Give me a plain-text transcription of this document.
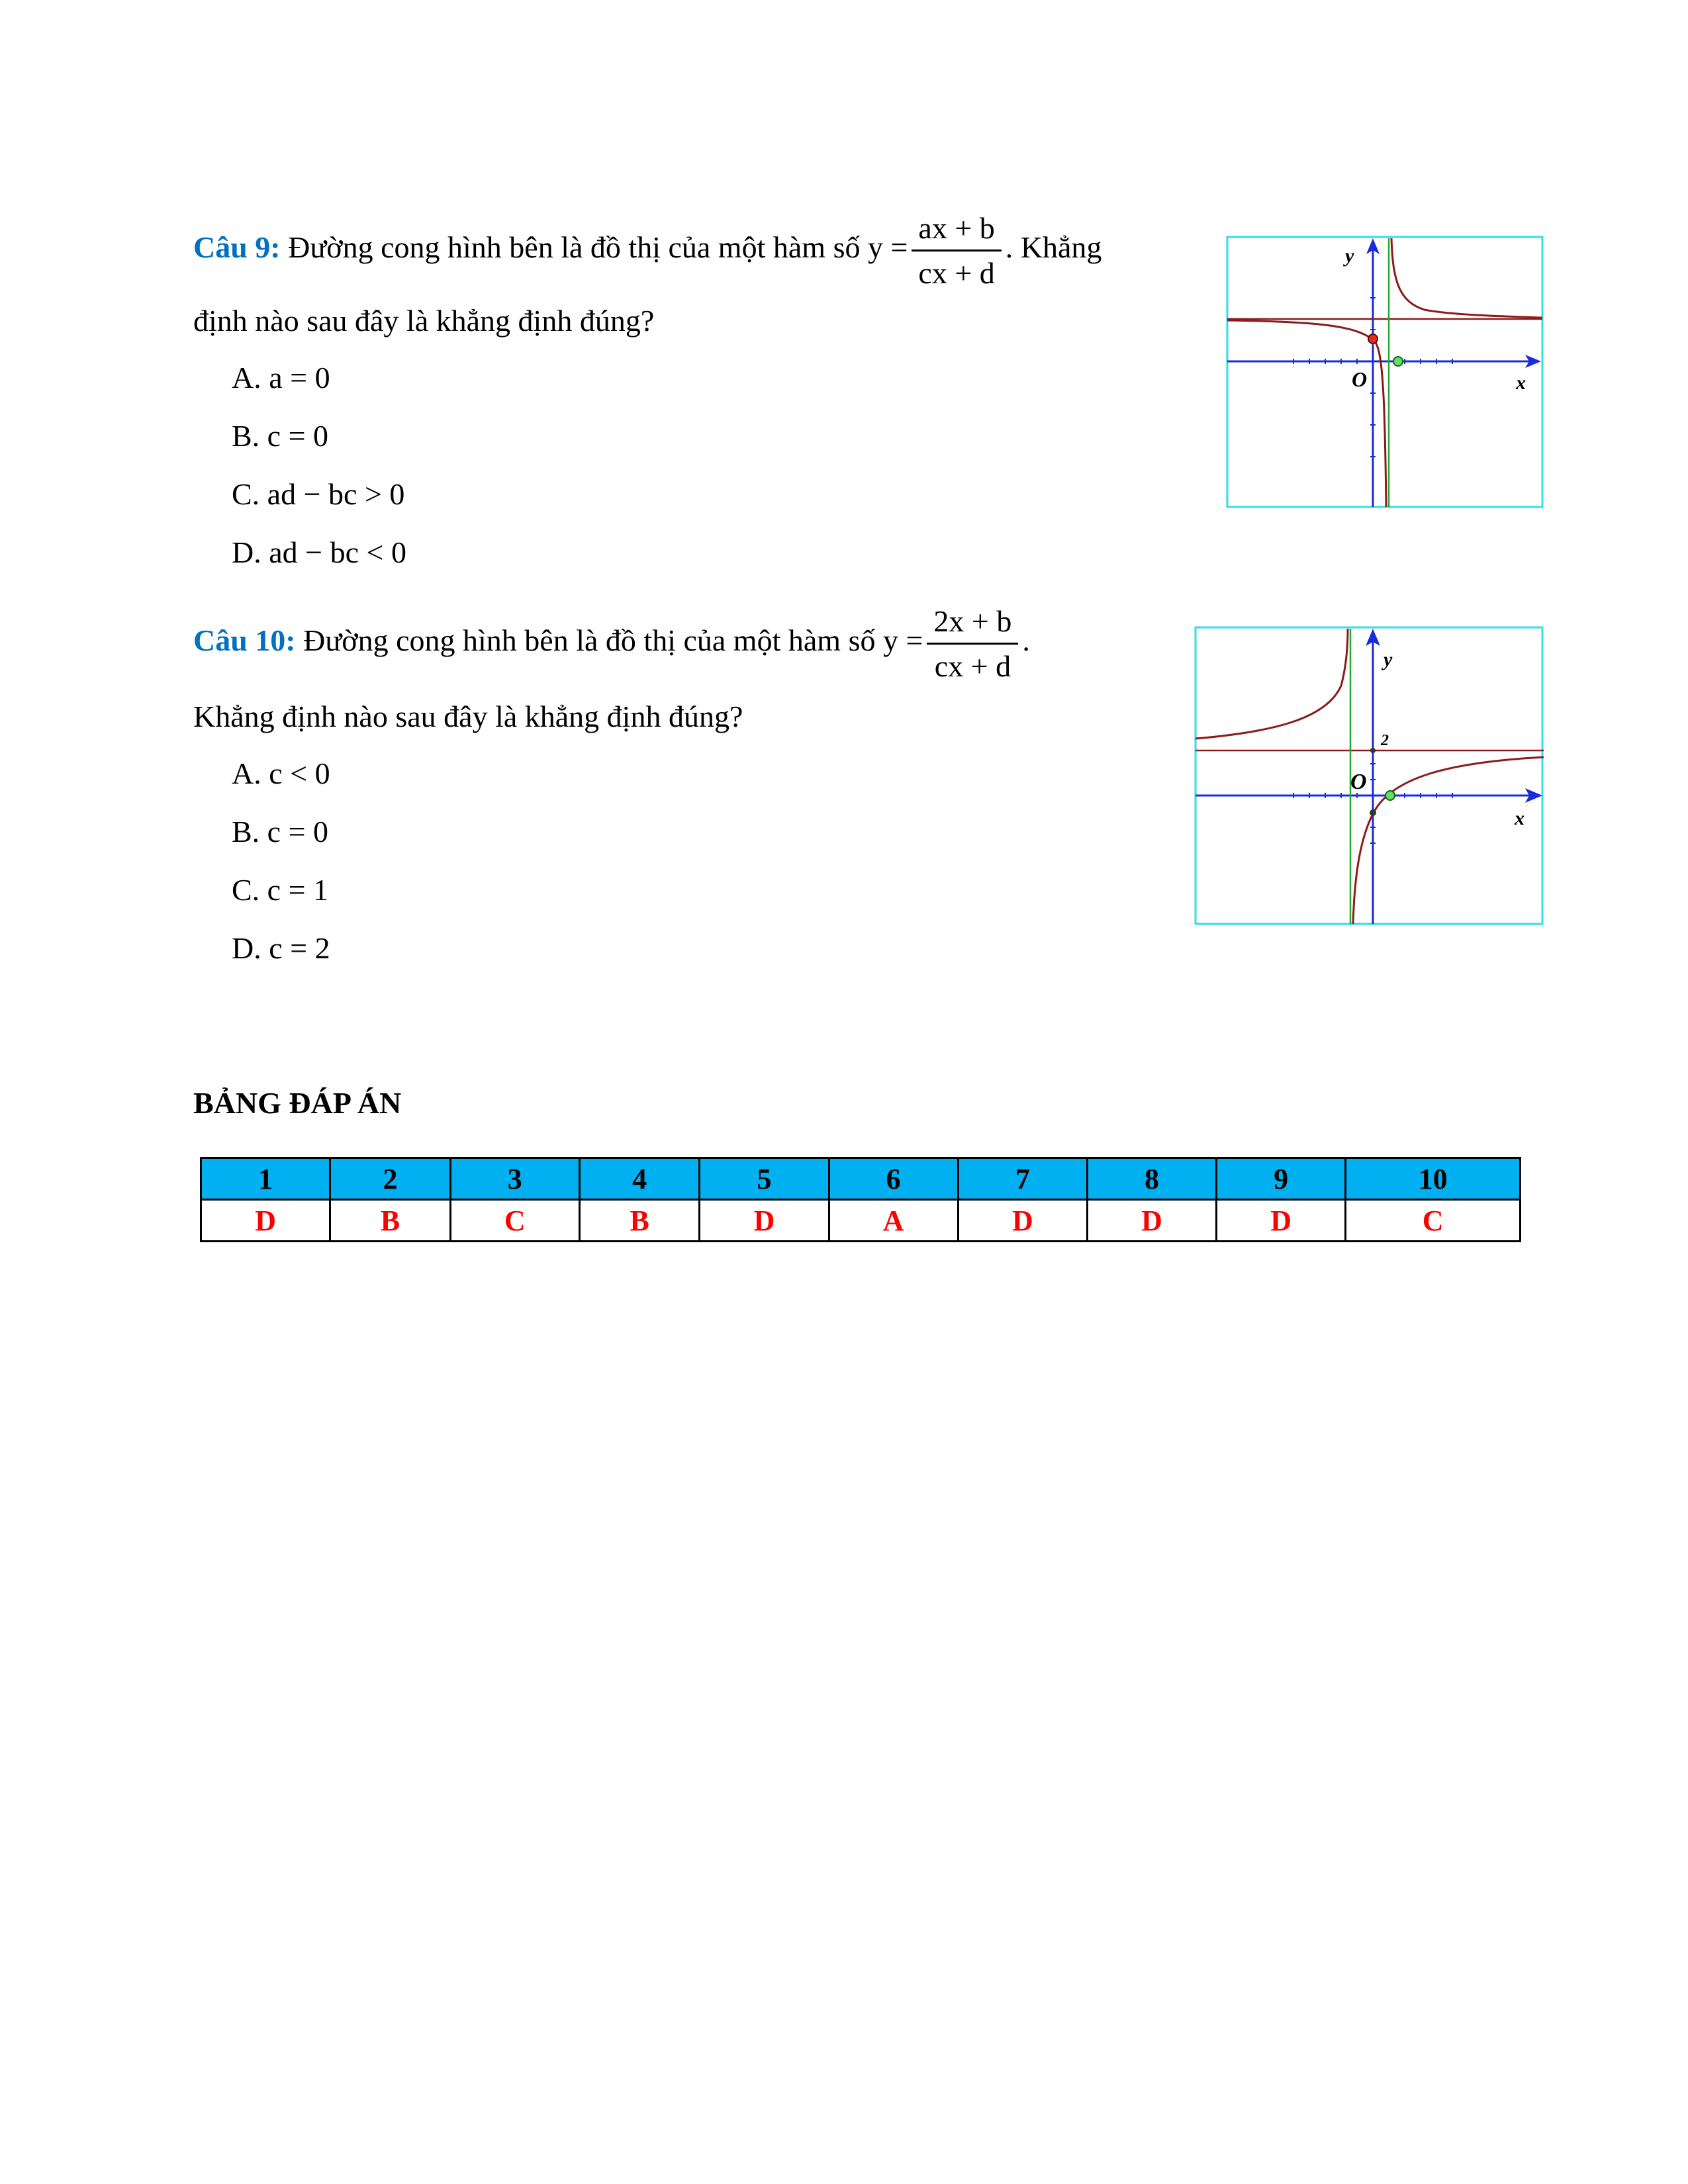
Câu 9: Đường cong hình bên là đồ thị của một hàm số $y = \frac{ax + b}{cx + d}$ . Khẳng
định nào sau đây là khẳng định đúng?
A. a = 0
B. c = 0
C. ad − bc > 0
D. ad − bc < 0
y
x
O
Câu 10: Đường cong hình bên là đồ thị của một hàm số $y = \frac{2x + b}{cx + d}$ .
Khẳng định nào sau đây là khẳng định đúng?
A. c < 0
B. c = 0
C. c = 1
D. c = 2
y
x
O
2
BẢNG ĐÁP ÁN
1	2	3	4	5	6	7	8	9	10
D	B	C	B	D	A	D	D	D	C
